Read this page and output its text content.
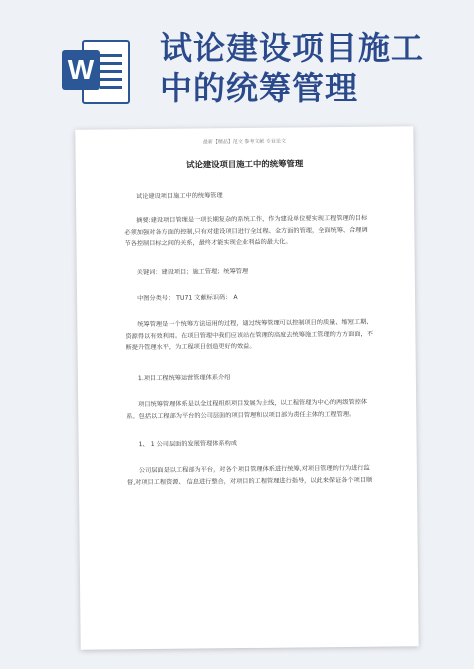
W
试论建设项目施工
中的统筹管理
最新【精品】范文 参考文献 专业论文
试论建设项目施工中的统筹管理

试论建设项目施工中的统筹管理

摘要:建设项目管理是一项长期复杂的系统工作，作为建设单位要实现工程管理的目标必须加强对各方面的控制,只有对建设项目进行全过程、全方面的管理，全面统筹、合理调节各控制目标之间的关系，最终才能实现企业利益的最大化。

关键词：建设项目；施工管理；统筹管理

中图分类号： TU71 文献标识码： A

统筹管理是一个统筹方法运用的过程，通过统筹管理可以控制项目的质量、缩短工期、资源得以有效利用。在项目管理中我们应该站在管理的高度去统筹施工管理的方方面面，不断提升管理水平，为工程项目创造更好的效益。

1.项目工程统筹运营管理体系介绍

项目统筹管理体系是以全过程组织项目发展为主线，以工程管理为中心的两级管控体系。包括以工程部为平台的公司层面的项目管理和以项目部为责任主体的工程管理。

1、 1 公司层面的发展管理体系构成

公司层面是以工程部为平台，对各个项目管理体系进行统筹,对项目管理的行为进行监督,对项目工程资源、 信息进行整合，对项目的工程管理进行指导，以此来保证各个项目顺
